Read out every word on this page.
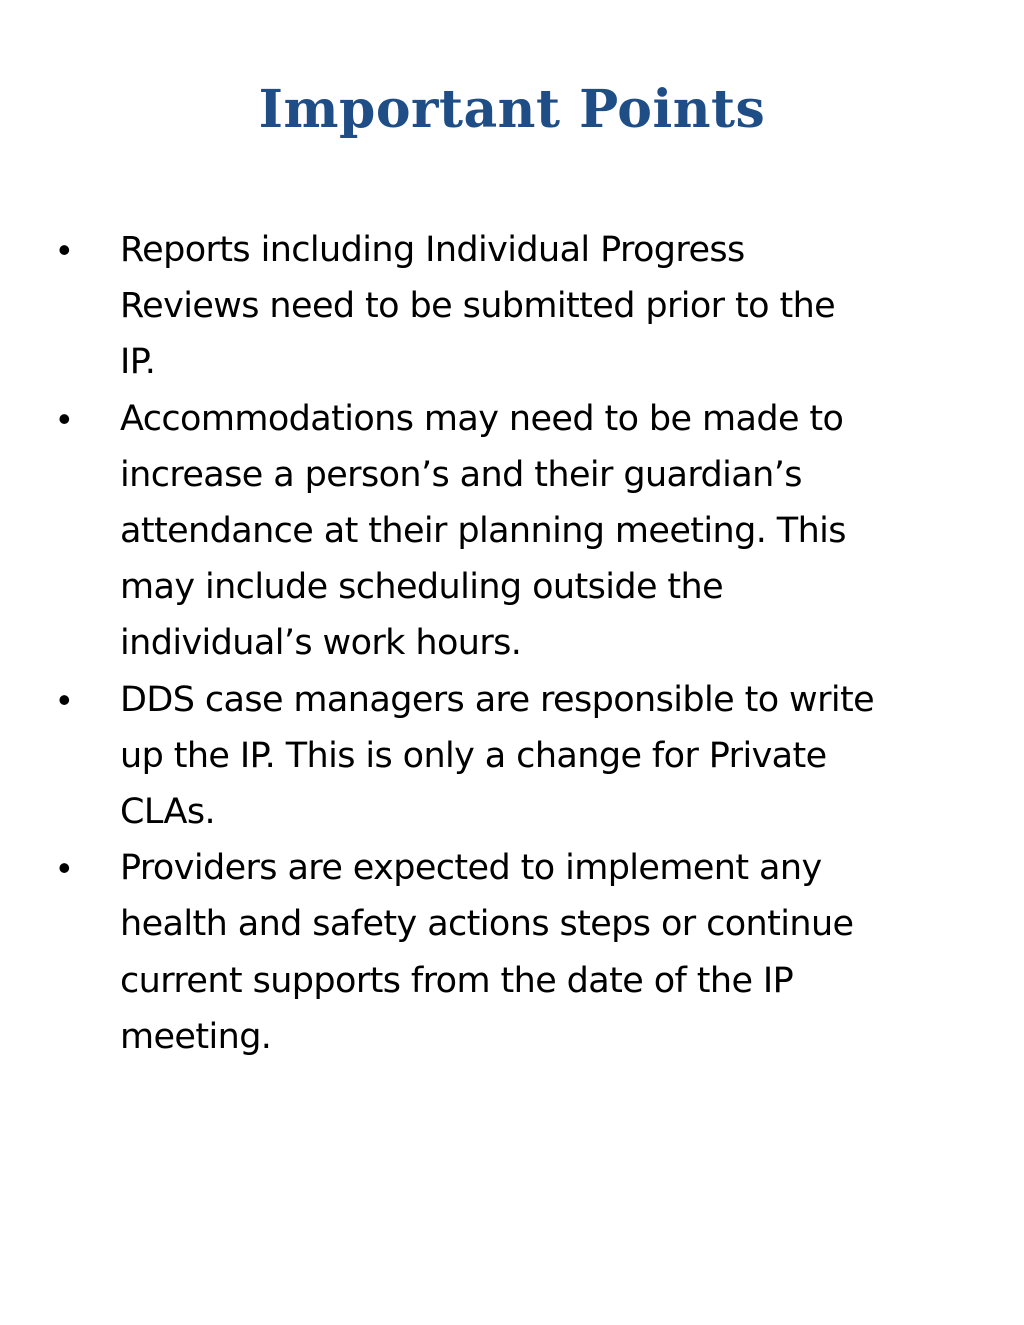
Important Points
•	Reports including Individual Progress
Reviews need to be submitted prior to the
IP.
•	Accommodations may need to be made to
increase a person’s and their guardian’s
attendance at their planning meeting. This
may include scheduling outside the
individual’s work hours.
•	DDS case managers are responsible to write
up the IP. This is only a change for Private
CLAs.
•	Providers are expected to implement any
health and safety actions steps or continue
current supports from the date of the IP
meeting.
